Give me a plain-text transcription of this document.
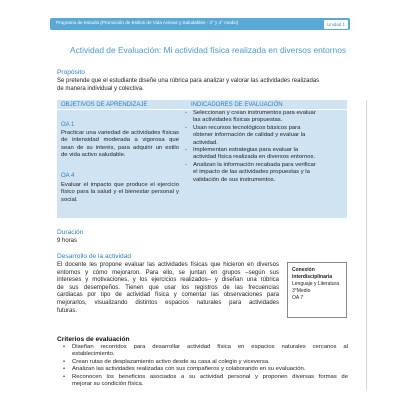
Programa de Estudio (Promoción de Estilos de Vida Activos y Saludables - 3° y 4° medio)	Unidad 1
Actividad de Evaluación: Mi actividad física realizada en diversos entornos
Propósito
Se pretende que el estudiante diseñe una rúbrica para analizar y valorar las actividades realizadas
de manera individual y colectiva.
OBJETIVOS DE APRENDIZAJE	INDICADORES DE EVALUACIÓN
OA 1
Practicar una variedad de actividades físicas
de intensidad moderada a vigorosa que
sean de su interés, para adquirir un estilo
de vida activo saludable.
OA 4
Evaluar el impacto que produce el ejercicio
físico para la salud y el bienestar personal y
social.
- Seleccionan y crean instrumentos para evaluar
las actividades físicas propuestas.
- Usan recursos tecnológicos básicos para
obtener información de calidad y evaluar la
actividad.
- Implementan estrategias para evaluar la
actividad física realizada en diversos entornos.
- Analizan la información recabada para verificar
el impacto de las actividades propuestas y la
validación de sus instrumentos.
Duración
9 horas
Desarrollo de la actividad
El docente les propone evaluar las actividades físicas que hicieron en diversos
entornos y cómo mejoraron. Para ello, se juntan en grupos –según sus
intereses y motivaciones, y los ejercicios realizados– y diseñan una rúbrica
de sus desempeños. Tienen que usar los registros de las frecuencias
cardiacas por tipo de actividad física y comentar las observaciones para
mejorarlos, visualizando distintos espacios naturales para actividades
futuras.
Conexión
interdisciplinaria
Lenguaje y Literatura
3°Medio
OA 7
Criterios de evaluación
• Diseñan recorridos para desarrollar actividad física en espacios naturales cercanos al
establecimiento.
• Crean rutas de desplazamiento activo desde su casa al colegio y viceversa.
• Analizan las actividades realizadas con sus compañeros y colaborando en su evaluación.
• Reconocen los beneficios asociados a su actividad personal y proponen diversas formas de
mejorar su condición física.
